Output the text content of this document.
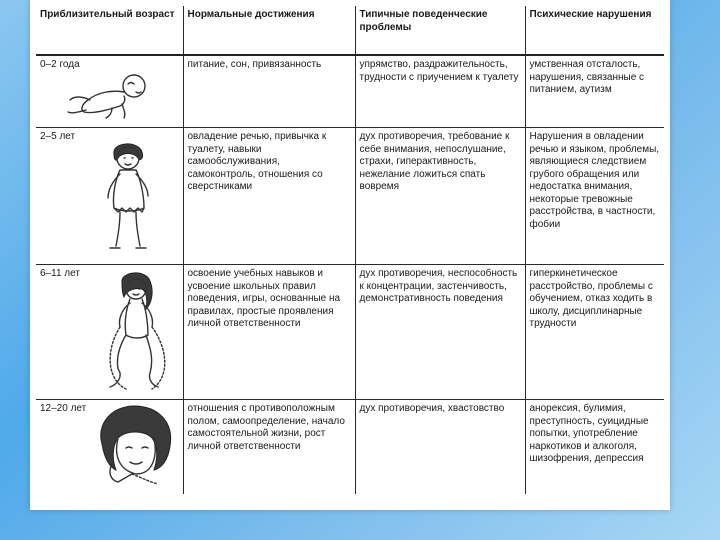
Приблизительный возраст	Нормальные достижения	Типичные поведенческие проблемы	Психические нарушения

0–2 года	питание, сон, привязанность	упрямство, раздражительность, трудности с приучением к туалету	умственная отсталость, нарушения, связанные с питанием, аутизм

2–5 лет	овладение речью, привычка к туалету, навыки самообслуживания, самоконтроль, отношения со сверстниками	дух противоречия, требование к себе внимания, непослушание, страхи, гиперактивность, нежелание ложиться спать вовремя	Нарушения в овладении речью и языком, проблемы, являющиеся следствием грубого обращения или недостатка внимания, некоторые тревожные расстройства, в частности, фобии

6–11 лет	освоение учебных навыков и усвоение школьных правил поведения, игры, основанные на правилах, простые проявления личной ответственности	дух противоречия, неспособность к концентрации, застенчивость, демонстративность поведения	гиперкинетическое расстройство, проблемы с обучением, отказ ходить в школу, дисциплинарные трудности

12–20 лет	отношения с противоположным полом, самоопределение, начало самостоятельной жизни, рост личной ответственности	дух противоречия, хвастовство	анорексия, булимия, преступность, суицидные попытки, употребление наркотиков и алкоголя, шизофрения, депрессия
